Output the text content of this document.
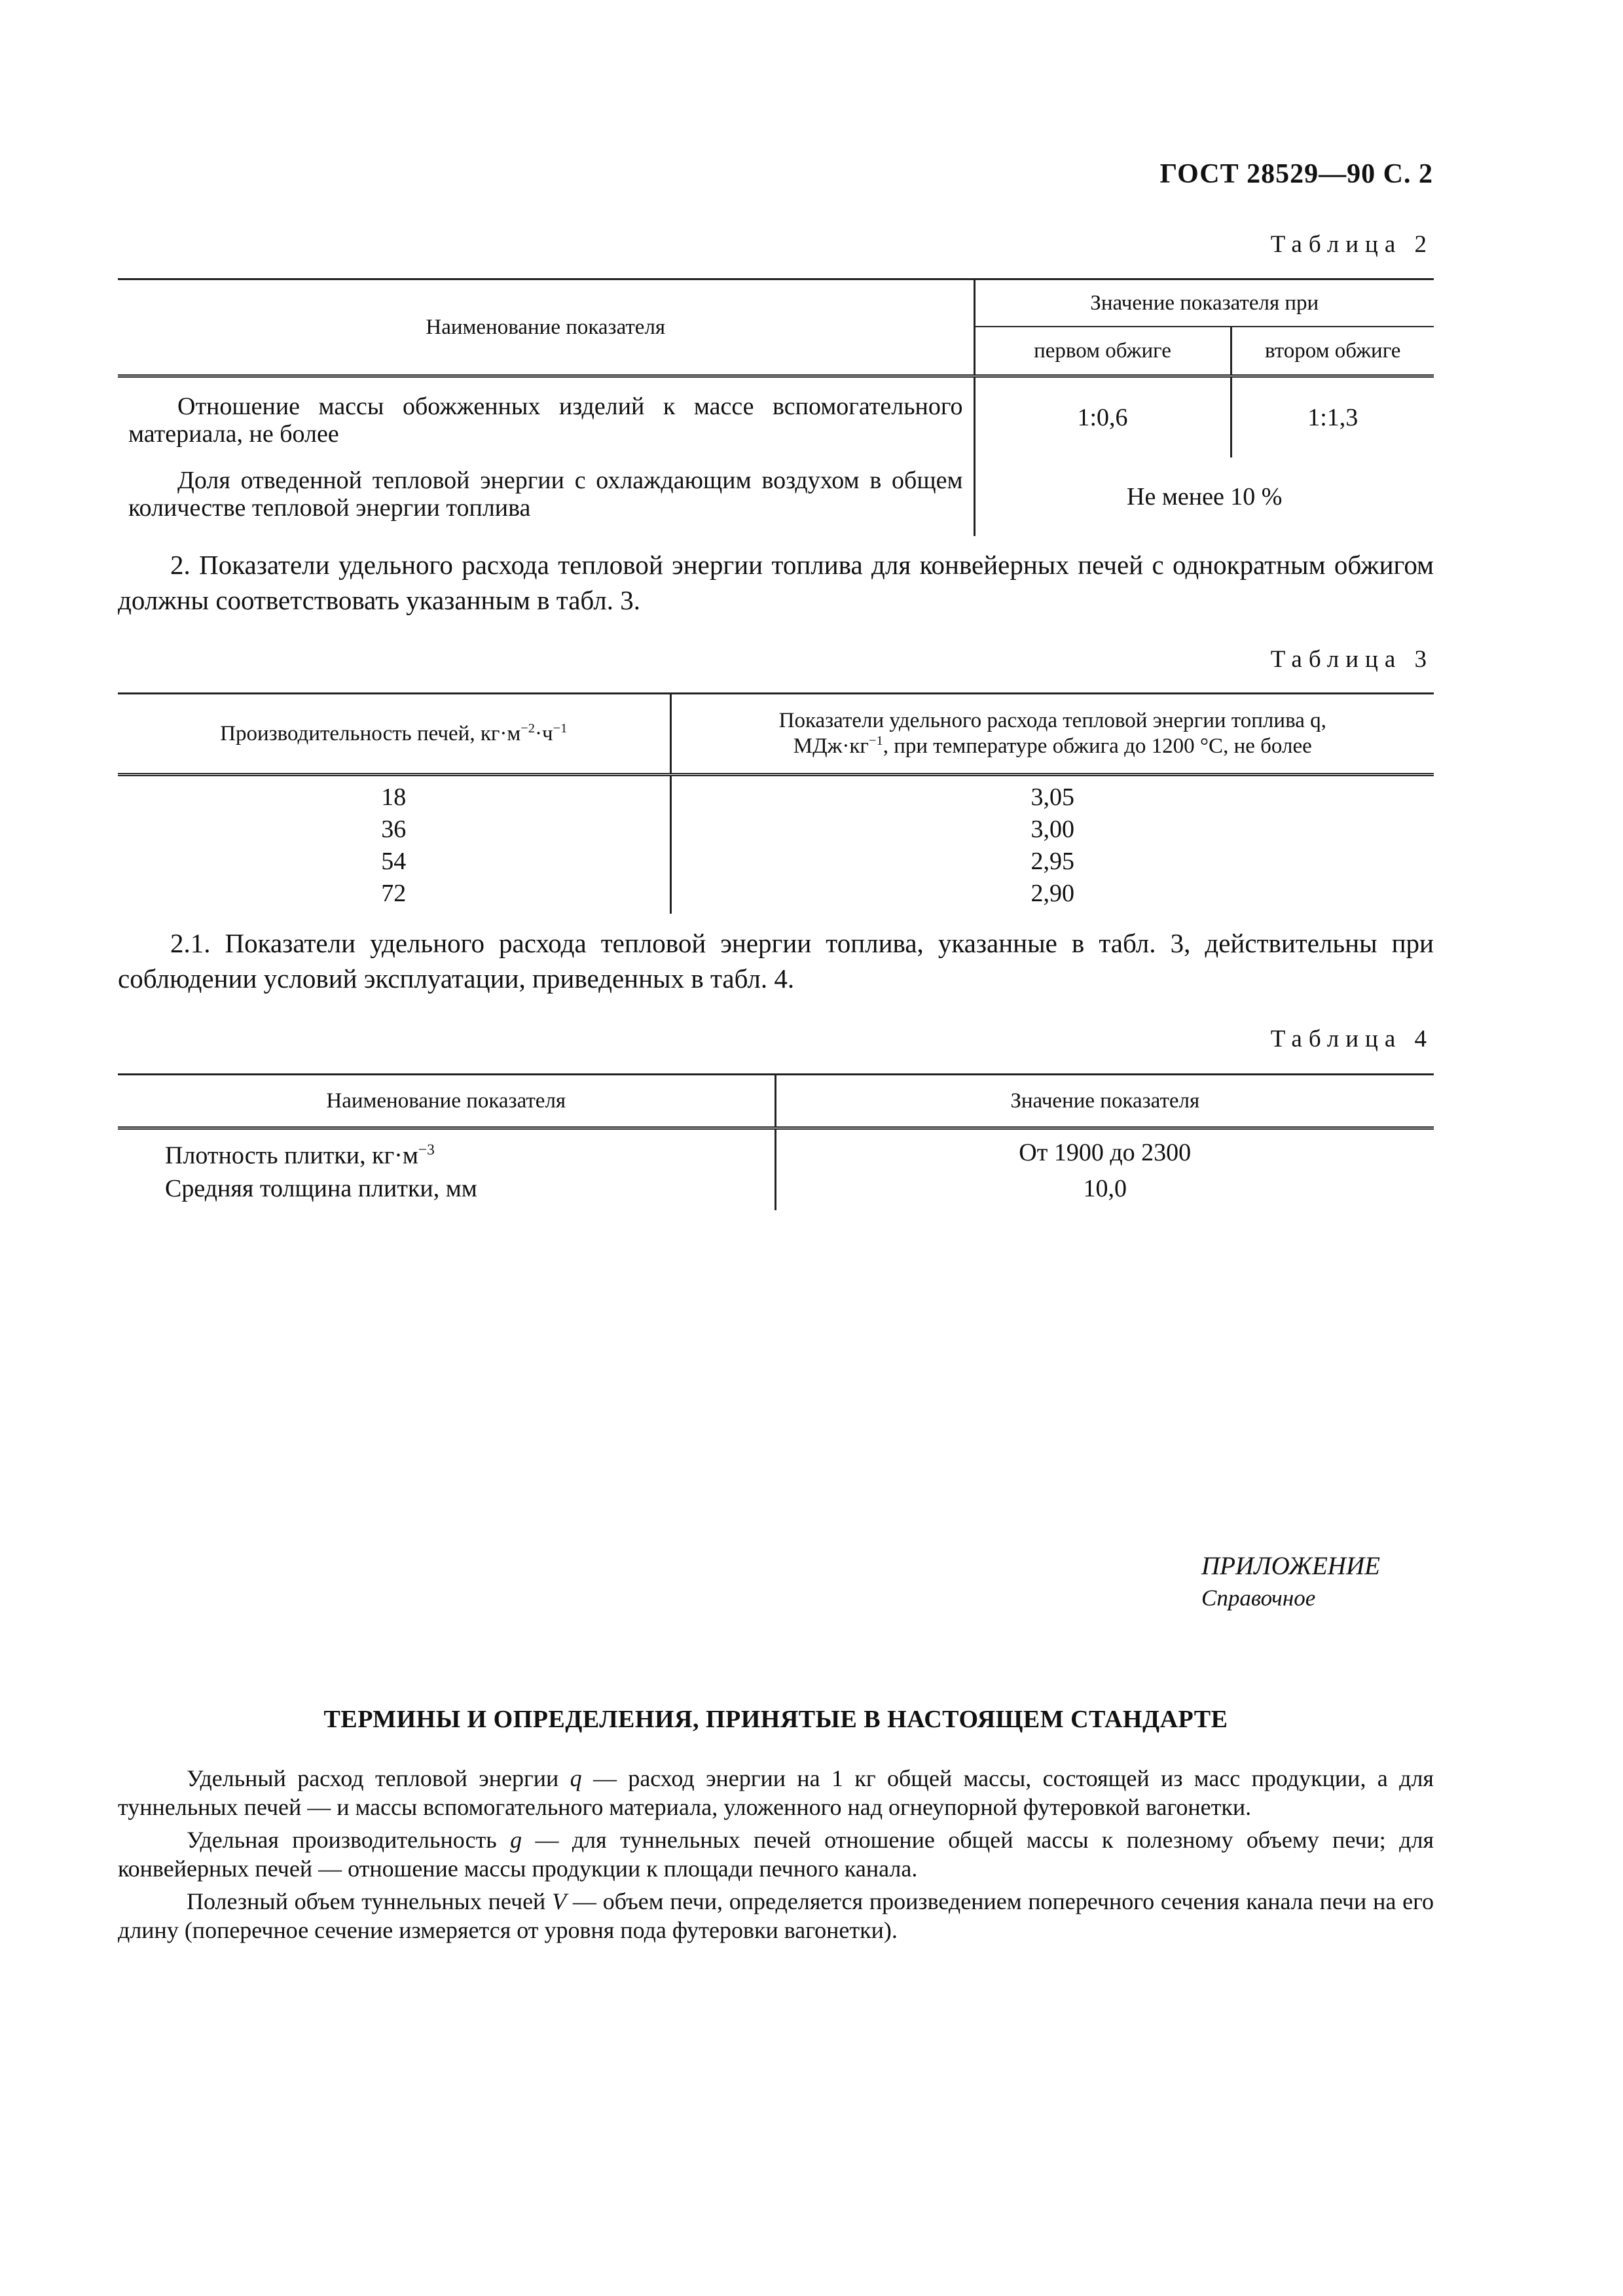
ГОСТ 28529—90 С. 2
Таблица 2
Наименование показателя	Значение показателя при	
	первом обжиге	втором обжиге

Отношение массы обожженных изделий к массе вспомогательного материала, не более	1:0,6	1:1,3

Доля отведенной тепловой энергии с охлаждающим воздухом в общем количестве тепловой энергии топлива	Не менее 10 %	
2. Показатели удельного расхода тепловой энергии топлива для конвейерных печей с однократным обжигом должны соответствовать указанным в табл. 3.
Таблица 3
Производительность печей, $кг\cdot м^{-2}\cdot ч^{-1}$	Показатели удельного расхода тепловой энергии топлива q,
$МДж\cdot кг^{-1}$, при температуре обжига до 1200 °С, не более
18	3,05
36	3,00
54	2,95
72	2,90
2.1. Показатели удельного расхода тепловой энергии топлива, указанные в табл. 3, действительны при соблюдении условий эксплуатации, приведенных в табл. 4.
Таблица 4
Наименование показателя	Значение показателя
Плотность плитки, $кг\cdot м^{-3}$	От 1900 до 2300
Средняя толщина плитки, мм	10,0
ПРИЛОЖЕНИЕ
Справочное
ТЕРМИНЫ И ОПРЕДЕЛЕНИЯ, ПРИНЯТЫЕ В НАСТОЯЩЕМ СТАНДАРТЕ

Удельный расход тепловой энергии q — расход энергии на 1 кг общей массы, состоящей из масс продукции, а для туннельных печей — и массы вспомогательного материала, уложенного над огнеупорной футеровкой вагонетки.

Удельная производительность g — для туннельных печей отношение общей массы к полезному объему печи; для конвейерных печей — отношение массы продукции к площади печного канала.

Полезный объем туннельных печей V — объем печи, определяется произведением поперечного сечения канала печи на его длину (поперечное сечение измеряется от уровня пода футеровки вагонетки).
